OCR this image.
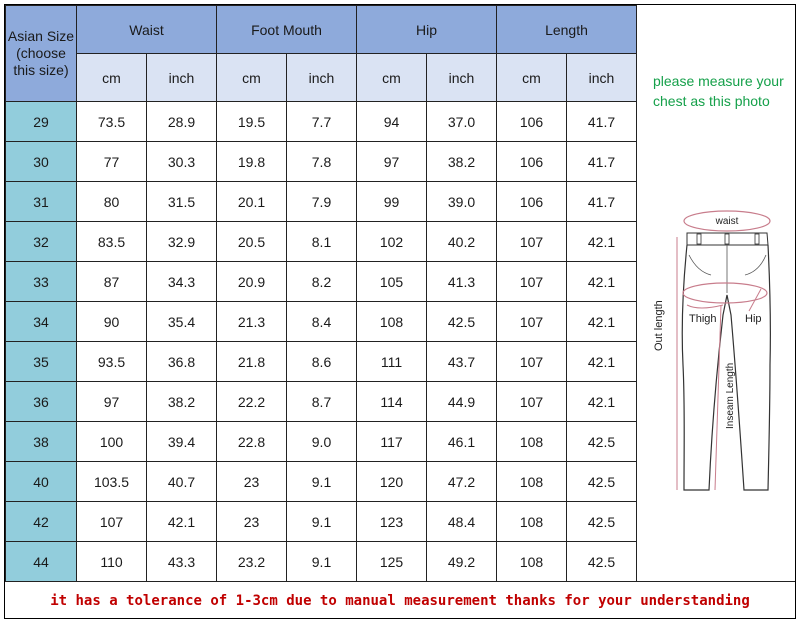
Asian Size (choose this size)	Waist		Foot Mouth		Hip		Length	
	cm	inch	cm	inch	cm	inch	cm	inch
29	73.5	28.9	19.5	7.7	94	37.0	106	41.7
30	77	30.3	19.8	7.8	97	38.2	106	41.7
31	80	31.5	20.1	7.9	99	39.0	106	41.7
32	83.5	32.9	20.5	8.1	102	40.2	107	42.1
33	87	34.3	20.9	8.2	105	41.3	107	42.1
34	90	35.4	21.3	8.4	108	42.5	107	42.1
35	93.5	36.8	21.8	8.6	111	43.7	107	42.1
36	97	38.2	22.2	8.7	114	44.9	107	42.1
38	100	39.4	22.8	9.0	117	46.1	108	42.5
40	103.5	40.7	23	9.1	120	47.2	108	42.5
42	107	42.1	23	9.1	123	48.4	108	42.5
44	110	43.3	23.2	9.1	125	49.2	108	42.5
please measure your chest as this photo
waist
Out length Thigh	Hip
Inseam Length
it has a tolerance of 1-3cm due to manual measurement thanks for your understanding
